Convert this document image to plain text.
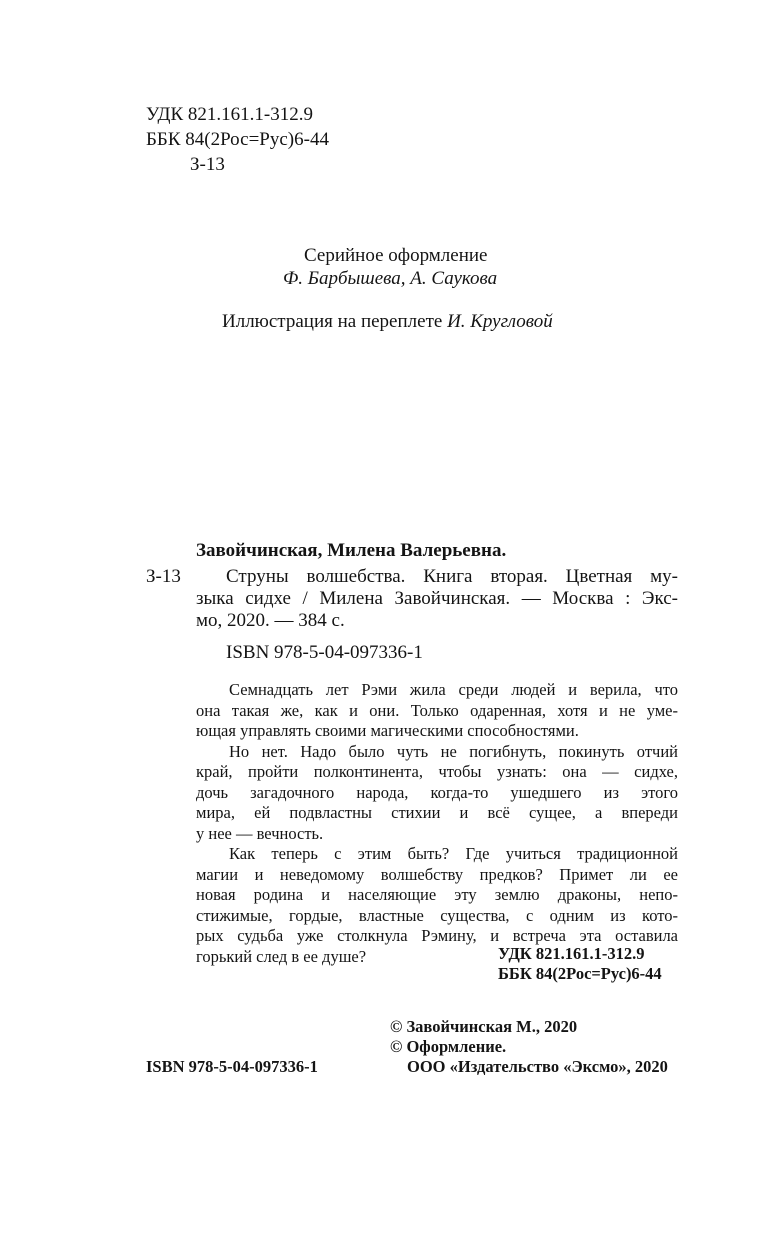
УДК 821.161.1-312.9
ББК 84(2Рос=Рус)6-44
З-13
Серийное оформление
Ф. Барбышева, А. Саукова
Иллюстрация на переплете И. Кругловой
Завойчинская, Милена Валерьевна.
З-13	Струны волшебства. Книга вторая. Цветная му-
зыка сидхе / Милена Завойчинская. — Москва : Экс-
мо, 2020. — 384 с.
ISBN 978-5-04-097336-1
Семнадцать лет Рэми жила среди людей и верила, что
она такая же, как и они. Только одаренная, хотя и не уме-
ющая управлять своими магическими способностями.
Но нет. Надо было чуть не погибнуть, покинуть отчий
край, пройти полконтинента, чтобы узнать: она — сидхе,
дочь загадочного народа, когда-то ушедшего из этого
мира, ей подвластны стихии и всё сущее, а впереди
у нее — вечность.
Как теперь с этим быть? Где учиться традиционной
магии и неведомому волшебству предков? Примет ли ее
новая родина и населяющие эту землю драконы, непо-
стижимые, гордые, властные существа, с одним из кото-
рых судьба уже столкнула Рэмину, и встреча эта оставила
горький след в ее душе?	УДК 821.161.1-312.9
ББК 84(2Рос=Рус)6-44
© Завойчинская М., 2020
© Оформление.
ООО «Издательство «Эксмо», 2020
ISBN 978-5-04-097336-1
